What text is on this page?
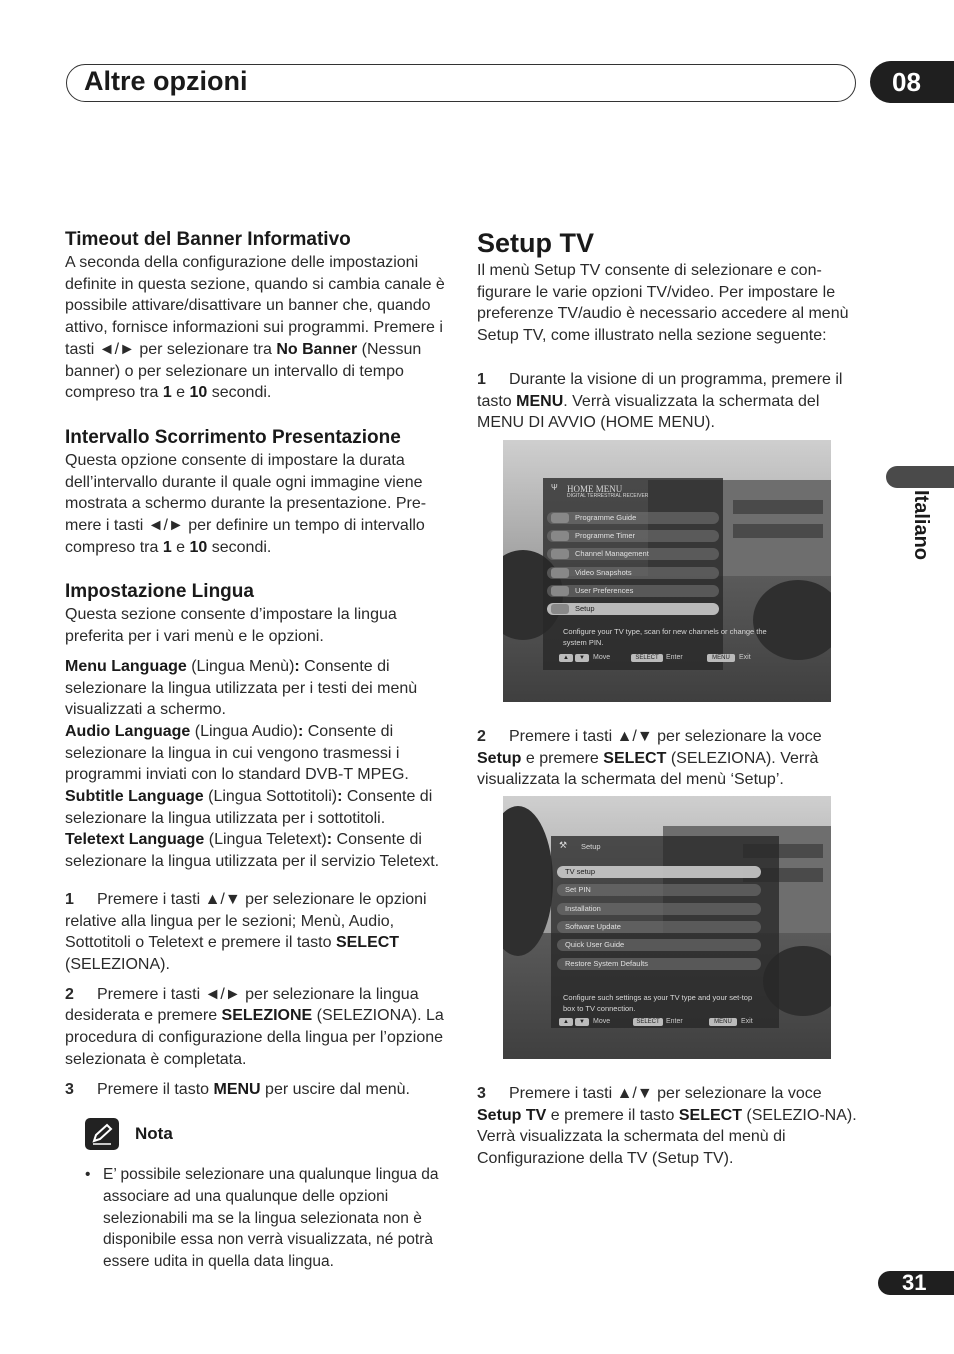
Altre opzioni	08
Italiano
31
Timeout del Banner Informativo

A seconda della configurazione delle impostazioni definite in questa sezione, quando si cambia canale è possibile attivare/disattivare un banner che, quando attivo, fornisce informazioni sui programmi. Premere i tasti ◄/► per selezionare tra No Banner (Nessun banner) o per selezionare un intervallo di tempo compreso tra 1 e 10 secondi.

Intervallo Scorrimento Presentazione

Questa opzione consente di impostare la durata dell’intervallo durante il quale ogni immagine viene mostrata a schermo durante la presentazione. Pre-mere i tasti ◄/► per definire un tempo di intervallo compreso tra 1 e 10 secondi.

Impostazione Lingua

Questa sezione consente d’impostare la lingua preferita per i vari menù e le opzioni.

Menu Language (Lingua Menù): Consente di selezionare la lingua utilizzata per i testi dei menù visualizzati a schermo.

Audio Language (Lingua Audio): Consente di selezionare la lingua in cui vengono trasmessi i programmi inviati con lo standard DVB-T MPEG.

Subtitle Language (Lingua Sottotitoli): Consente di selezionare la lingua utilizzata per i sottotitoli.

Teletext Language (Lingua Teletext): Consente di selezionare la lingua utilizzata per il servizio Teletext.

1 Premere i tasti ▲/▼ per selezionare le opzioni relative alla lingua per le sezioni; Menù, Audio, Sottotitoli o Teletext e premere il tasto SELECT (SELEZIONA).

2 Premere i tasti ◄/► per selezionare la lingua desiderata e premere SELEZIONE (SELEZIONA). La procedura di configurazione della lingua per l’opzione selezionata è completata.

3 Premere il tasto MENU per uscire dal menù.

Nota
• E’ possibile selezionare una qualunque lingua da associare ad una qualunque delle opzioni selezionabili ma se la lingua selezionata non è disponibile essa non verrà visualizzata, né potrà essere udita in quella data lingua.
Setup TV

Il menù Setup TV consente di selezionare e con-figurare le varie opzioni TV/video. Per impostare le preferenze TV/audio è necessario accedere al menù Setup TV, come illustrato nella sezione seguente:

1 Durante la visione di un programma, premere il tasto MENU. Verrà visualizzata la schermata del MENU DI AVVIO (HOME MENU).

2 Premere i tasti ▲/▼ per selezionare la voce Setup e premere SELECT (SELEZIONA). Verrà visualizzata la schermata del menù ‘Setup’.

3 Premere i tasti ▲/▼ per selezionare la voce Setup TV e premere il tasto SELECT (SELEZIO-NA). Verrà visualizzata la schermata del menù di Configurazione della TV (Setup TV).

Ψ HOME MENU
DIGITAL TERRESTRIAL RECEIVER
Programme Guide
Programme Timer
Channel Management
Video Snapshots
User Preferences
Setup
Configure your TV type, scan for new channels or change the system PIN.
▲	▼	Move	SELECT	Enter	MENU	Exit
⚒ Setup
TV setup
Set PIN
Installation
Software Update
Quick User Guide
Restore System Defaults
Configure such settings as your TV type and your set-top box to TV connection.
▲	▼	Move	SELECT Enter	MENU	Exit
